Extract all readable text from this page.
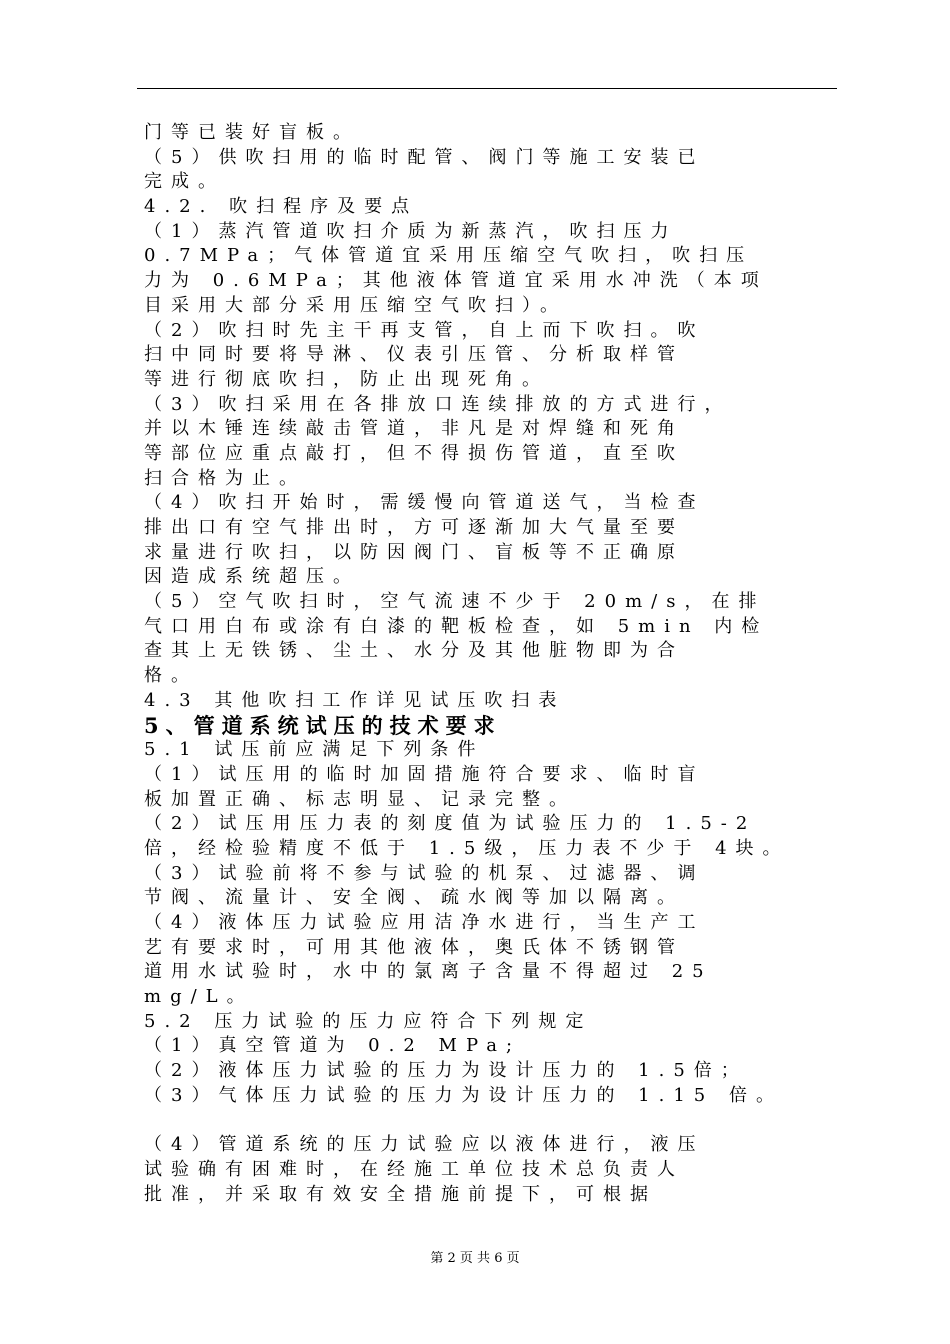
门等已装好盲板。
（5）供吹扫用的临时配管、阀门等施工安装已
完成。
4.2. 吹扫程序及要点
（1）蒸汽管道吹扫介质为新蒸汽，吹扫压力
0.7MPa；气体管道宜采用压缩空气吹扫，吹扫压
力为 0.6MPa；其他液体管道宜采用水冲洗（本项
目采用大部分采用压缩空气吹扫）。
（2）吹扫时先主干再支管，自上而下吹扫。吹
扫中同时要将导淋、仪表引压管、分析取样管
等进行彻底吹扫，防止出现死角。
（3）吹扫采用在各排放口连续排放的方式进行，
并以木锤连续敲击管道，非凡是对焊缝和死角
等部位应重点敲打，但不得损伤管道，直至吹
扫合格为止。
（4）吹扫开始时，需缓慢向管道送气，当检查
排出口有空气排出时，方可逐渐加大气量至要
求量进行吹扫，以防因阀门、盲板等不正确原
因造成系统超压。
（5）空气吹扫时，空气流速不少于 20m/s，在排
气口用白布或涂有白漆的靶板检查，如 5min 内检
查其上无铁锈、尘土、水分及其他脏物即为合
格。
4.3 其他吹扫工作详见试压吹扫表
5、管道系统试压的技术要求
5.1 试压前应满足下列条件
（1）试压用的临时加固措施符合要求、临时盲
板加置正确、标志明显、记录完整。
（2）试压用压力表的刻度值为试验压力的 1.5-2
倍，经检验精度不低于 1.5级，压力表不少于 4块。
（3）试验前将不参与试验的机泵、过滤器、调
节阀、流量计、安全阀、疏水阀等加以隔离。
（4）液体压力试验应用洁净水进行，当生产工
艺有要求时，可用其他液体，奥氏体不锈钢管
道用水试验时，水中的氯离子含量不得超过 25
mg/L。
5.2 压力试验的压力应符合下列规定
（1）真空管道为 0.2 MPa;
（2）液体压力试验的压力为设计压力的 1.5倍；
（3）气体压力试验的压力为设计压力的 1.15 倍。
（4）管道系统的压力试验应以液体进行，液压
试验确有困难时，在经施工单位技术总负责人
批准，并采取有效安全措施前提下，可根据
第 2 页 共 6 页
